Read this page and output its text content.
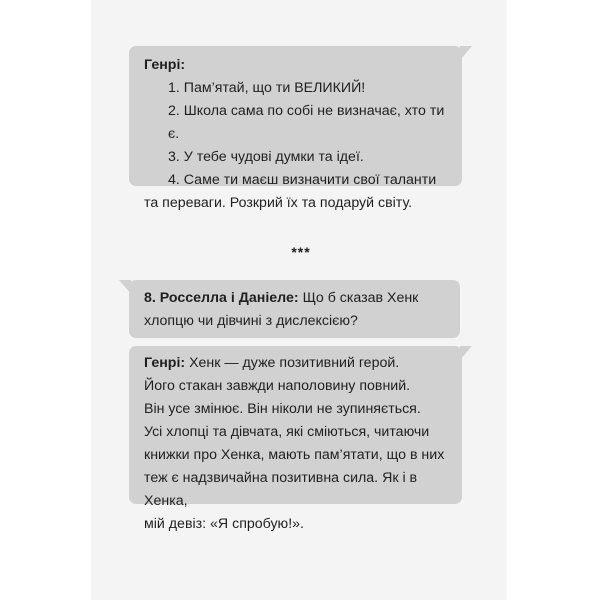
Генрі:
1. Пам’ятай, що ти ВЕЛИКИЙ!
2. Школа сама по собі не визначає, хто ти є.
3. У тебе чудові думки та ідеї.
4. Саме ти маєш визначити свої таланти
та переваги. Розкрий їх та подаруй світу.
***
8. Росселла і Даніеле: Що б сказав Хенк
хлопцю чи дівчині з дислексією?
Генрі: Хенк — дуже позитивний герой.
Його стакан завжди наполовину повний.
Він усе змінює. Він ніколи не зупиняється.
Усі хлопці та дівчата, які сміються, читаючи
книжки про Хенка, мають пам’ятати, що в них
теж є надзвичайна позитивна сила. Як і в Хенка,
мій девіз: «Я спробую!».
